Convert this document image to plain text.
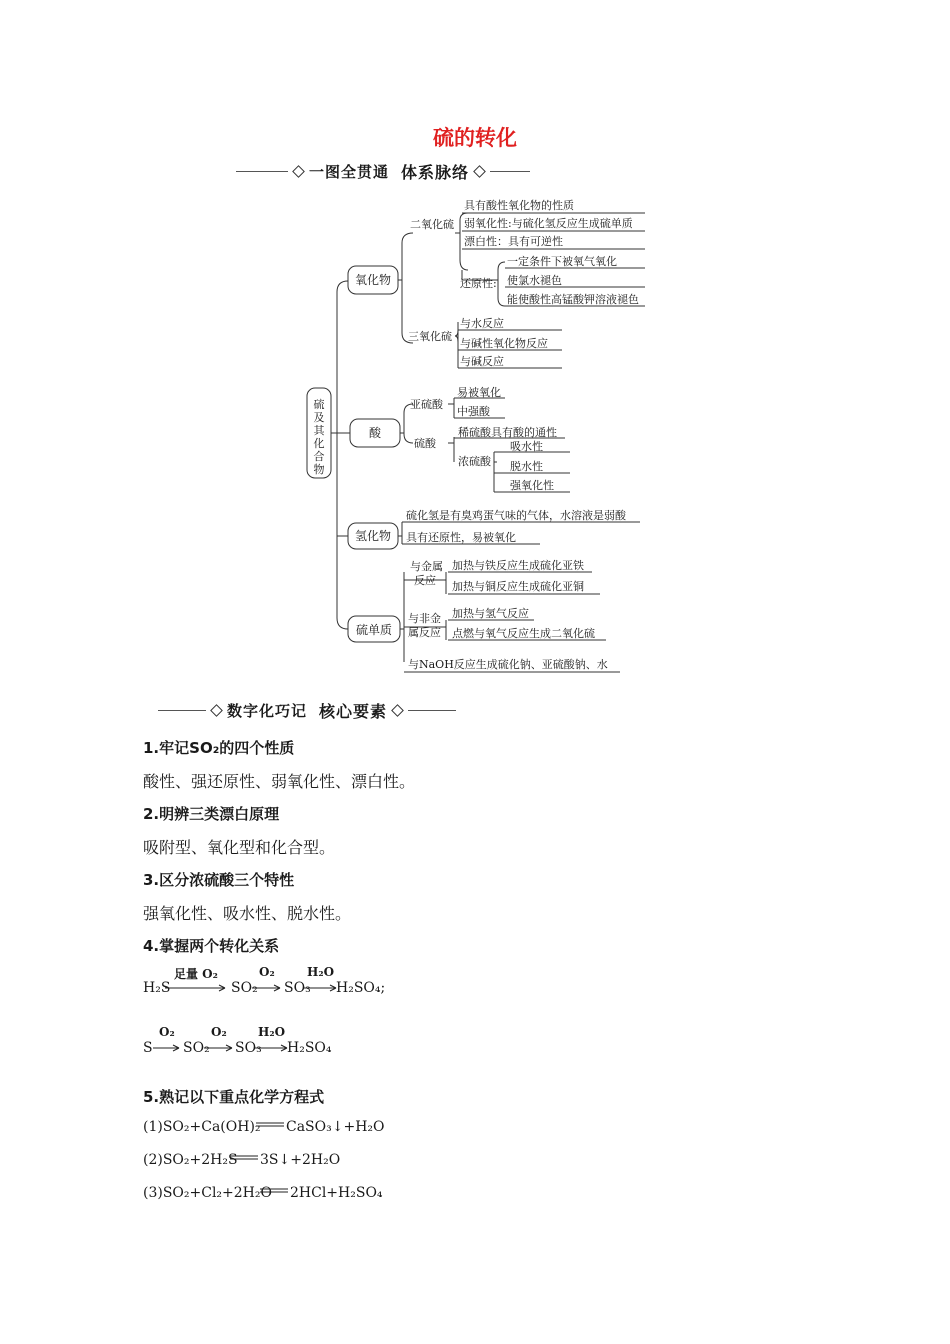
硫的转化
一图全贯通 体系脉络
硫及其化合物
氧化物
酸
氢化物
硫单质
二氧化硫
具有酸性氧化物的性质
弱氧化性:与硫化氢反应生成硫单质
漂白性：具有可逆性
还原性:
一定条件下被氧气氧化
使氯水褪色
能使酸性高锰酸钾溶液褪色
三氧化硫
与水反应
与碱性氧化物反应
与碱反应
亚硫酸
易被氧化
中强酸
硫酸
稀硫酸具有酸的通性
浓硫酸
吸水性
脱水性
强氧化性
硫化氢是有臭鸡蛋气味的气体，水溶液是弱酸
具有还原性，易被氧化
与金属
反应
加热与铁反应生成硫化亚铁
加热与铜反应生成硫化亚铜
与非金
属反应
加热与氢气反应
点燃与氧气反应生成二氧化硫
与NaOH反应生成硫化钠、亚硫酸钠、水
数字化巧记 核心要素
1.牢记SO₂的四个性质
酸性、强还原性、弱氧化性、漂白性。
2.明辨三类漂白原理
吸附型、氧化型和化合型。
3.区分浓硫酸三个特性
强氧化性、吸水性、脱水性。
4.掌握两个转化关系
H₂S
足量 O₂
SO₂
O₂
SO₃
H₂O
H₂SO₄;
S
O₂
SO₂
O₂
SO₃
H₂O
H₂SO₄
5.熟记以下重点化学方程式
(1)SO₂+Ca(OH)₂ CaSO₃↓+H₂O
(2)SO₂+2H₂S 3S↓+2H₂O
(3)SO₂+Cl₂+2H₂O 2HCl+H₂SO₄
